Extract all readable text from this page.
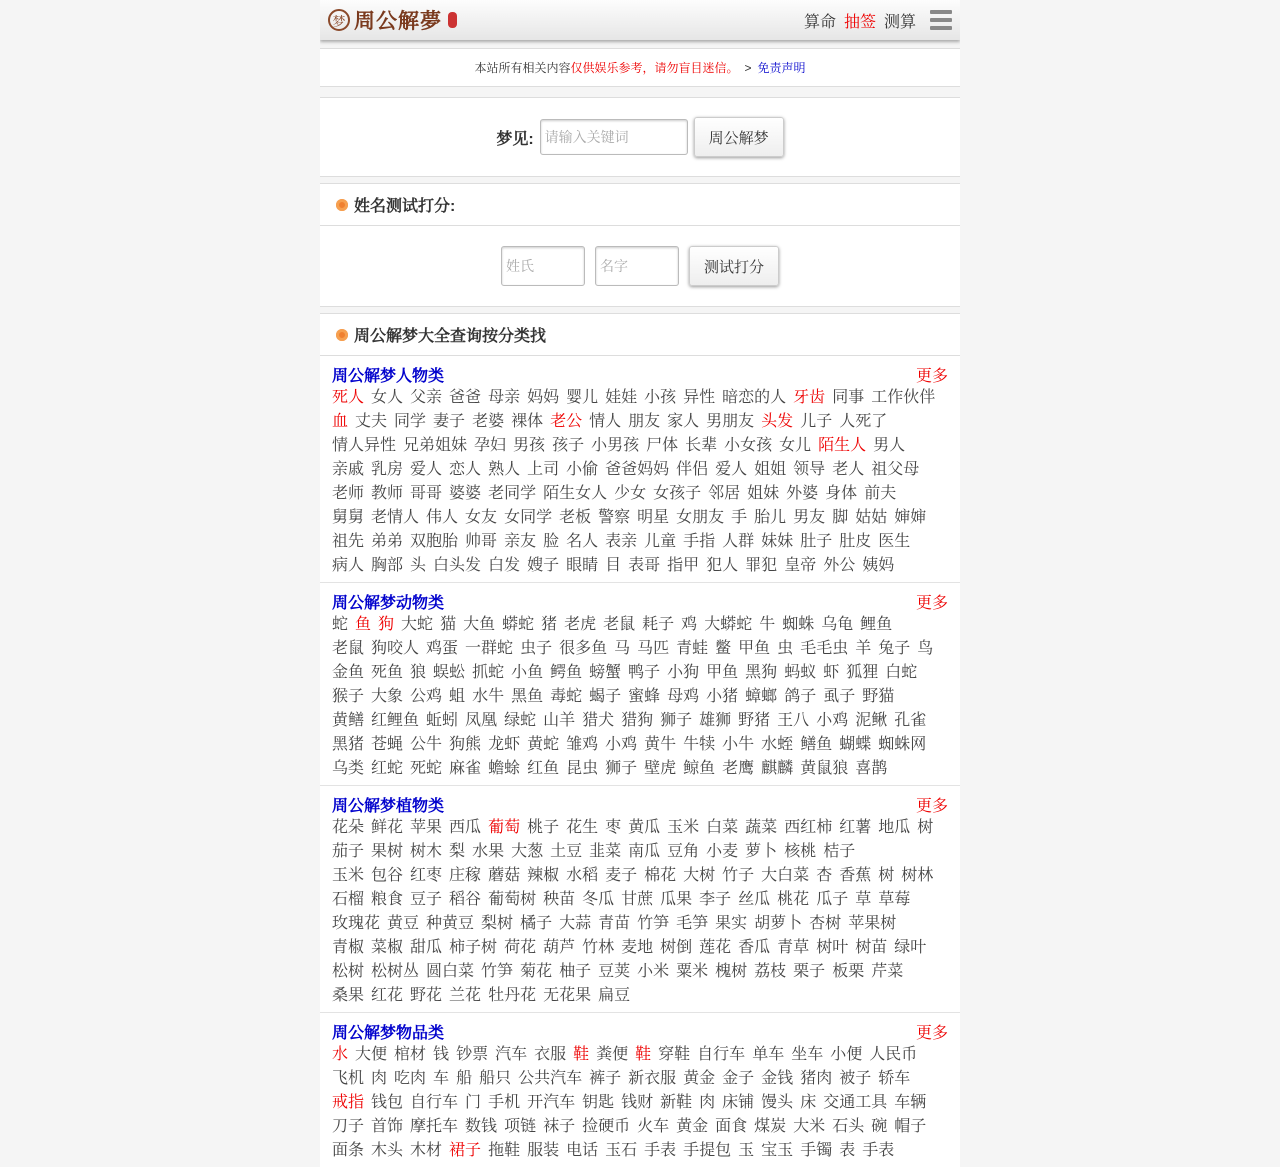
梦 周公解夢	算命 抽签 测算
本站所有相关内容 仅供娱乐参考，请勿盲目迷信。 > 免责声明
梦见:
请输入关键词	周公解梦
姓名测试打分:
姓氏
名字
测试打分
周公解梦大全查询按分类找
周公解梦人物类	更多
死人 女人 父亲 爸爸 母亲 妈妈 婴儿 娃娃 小孩 异性 暗恋的人 牙齿 同事 工作伙伴
血 丈夫 同学 妻子 老婆 裸体 老公 情人 朋友 家人 男朋友 头发 儿子 人死了
情人异性 兄弟姐妹 孕妇 男孩 孩子 小男孩 尸体 长辈 小女孩 女儿 陌生人 男人
亲戚 乳房 爱人 恋人 熟人 上司 小偷 爸爸妈妈 伴侣 爱人 姐姐 领导 老人 祖父母
老师 教师 哥哥 婆婆 老同学 陌生女人 少女 女孩子 邻居 姐妹 外婆 身体 前夫
舅舅 老情人 伟人 女友 女同学 老板 警察 明星 女朋友 手 胎儿 男友 脚 姑姑 婶婶
祖先 弟弟 双胞胎 帅哥 亲友 脸 名人 表亲 儿童 手指 人群 妹妹 肚子 肚皮 医生
病人 胸部 头 白头发 白发 嫂子 眼睛 目 表哥 指甲 犯人 罪犯 皇帝 外公 姨妈
周公解梦动物类	更多
蛇 鱼 狗 大蛇 猫 大鱼 蟒蛇 猪 老虎 老鼠 耗子 鸡 大蟒蛇 牛 蜘蛛 乌龟 鲤鱼
老鼠 狗咬人 鸡蛋 一群蛇 虫子 很多鱼 马 马匹 青蛙 鳖 甲鱼 虫 毛毛虫 羊 兔子 鸟
金鱼 死鱼 狼 蜈蚣 抓蛇 小鱼 鳄鱼 螃蟹 鸭子 小狗 甲鱼 黑狗 蚂蚁 虾 狐狸 白蛇
猴子 大象 公鸡 蛆 水牛 黑鱼 毒蛇 蝎子 蜜蜂 母鸡 小猪 蟑螂 鸽子 虱子 野猫
黄鳝 红鲤鱼 蚯蚓 凤凰 绿蛇 山羊 猎犬 猎狗 狮子 雄狮 野猪 王八 小鸡 泥鳅 孔雀
黑猪 苍蝇 公牛 狗熊 龙虾 黄蛇 雏鸡 小鸡 黄牛 牛犊 小牛 水蛭 鳝鱼 蝴蝶 蜘蛛网
乌类 红蛇 死蛇 麻雀 蟾蜍 红鱼 昆虫 狮子 壁虎 鲸鱼 老鹰 麒麟 黄鼠狼 喜鹊
周公解梦植物类	更多
花朵 鲜花 苹果 西瓜 葡萄 桃子 花生 枣 黄瓜 玉米 白菜 蔬菜 西红柿 红薯 地瓜 树
茄子 果树 树木 梨 水果 大葱 土豆 韭菜 南瓜 豆角 小麦 萝卜 核桃 桔子
玉米 包谷 红枣 庄稼 蘑菇 辣椒 水稻 麦子 棉花 大树 竹子 大白菜 杏 香蕉 树 树林
石榴 粮食 豆子 稻谷 葡萄树 秧苗 冬瓜 甘蔗 瓜果 李子 丝瓜 桃花 瓜子 草 草莓
玫瑰花 黄豆 种黄豆 梨树 橘子 大蒜 青苗 竹笋 毛笋 果实 胡萝卜 杏树 苹果树
青椒 菜椒 甜瓜 柿子树 荷花 葫芦 竹林 麦地 树倒 莲花 香瓜 青草 树叶 树苗 绿叶
松树 松树丛 圆白菜 竹笋 菊花 柚子 豆荚 小米 粟米 槐树 荔枝 栗子 板栗 芹菜
桑果 红花 野花 兰花 牡丹花 无花果 扁豆
周公解梦物品类	更多
水 大便 棺材 钱 钞票 汽车 衣服 鞋 粪便 鞋 穿鞋 自行车 单车 坐车 小便 人民币
飞机 肉 吃肉 车 船 船只 公共汽车 裤子 新衣服 黄金 金子 金钱 猪肉 被子 轿车
戒指 钱包 自行车 门 手机 开汽车 钥匙 钱财 新鞋 肉 床铺 馒头 床 交通工具 车辆
刀子 首饰 摩托车 数钱 项链 袜子 捡硬币 火车 黄金 面食 煤炭 大米 石头 碗 帽子
面条 木头 木材 裙子 拖鞋 服装 电话 玉石 手表 手提包 玉 宝玉 手镯 表 手表
